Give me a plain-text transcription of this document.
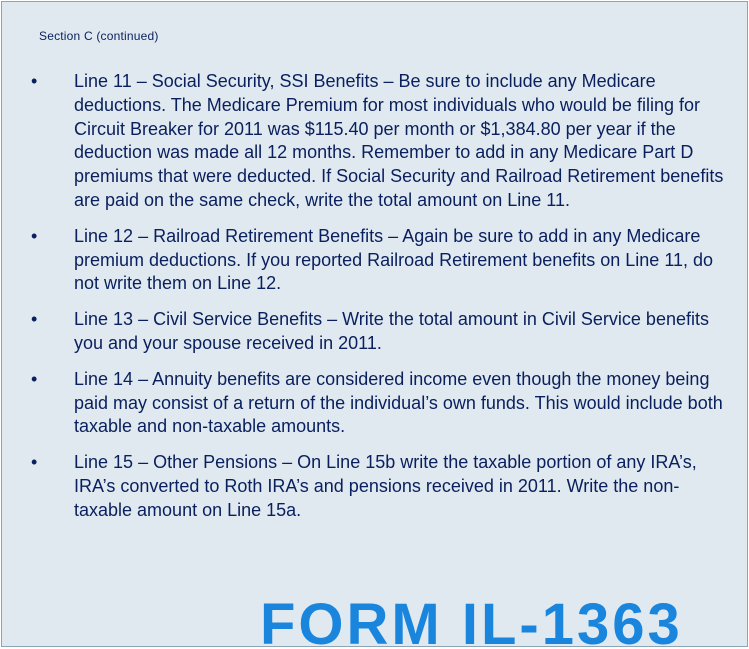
Section C (continued)
• Line 11 – Social Security, SSI Benefits – Be sure to include any Medicare deductions. The Medicare Premium for most individuals who would be filing for Circuit Breaker for 2011 was $115.40 per month or $1,384.80 per year if the deduction was made all 12 months. Remember to add in any Medicare Part D premiums that were deducted. If Social Security and Railroad Retirement benefits are paid on the same check, write the total amount on Line 11.
• Line 12 – Railroad Retirement Benefits – Again be sure to add in any Medicare premium deductions. If you reported Railroad Retirement benefits on Line 11, do not write them on Line 12.
• Line 13 – Civil Service Benefits – Write the total amount in Civil Service benefits you and your spouse received in 2011.
• Line 14 – Annuity benefits are considered income even though the money being paid may consist of a return of the individual’s own funds. This would include both taxable and non-taxable amounts.
• Line 15 – Other Pensions – On Line 15b write the taxable portion of any IRA’s, IRA’s converted to Roth IRA’s and pensions received in 2011. Write the non-taxable amount on Line 15a.
FORM IL-1363
